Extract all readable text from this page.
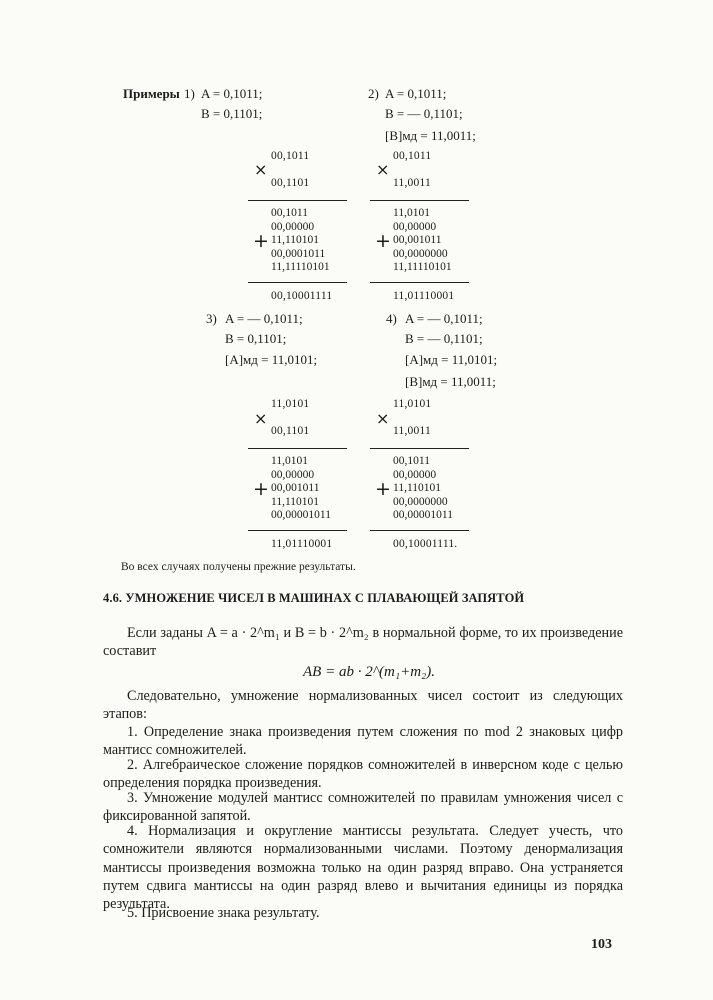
Примеры 1) A = 0,1011;
B = 0,1101;
00,1011
×
00,1101
00,1011
00,00000
11,110101
00,0001011
11,11110101
+
00,10001111
2) A = 0,1011;
B = — 0,1101;
[B]мд = 11,0011;
00,1011
×
11,0011
11,0101
00,00000
00,001011
00,0000000
11,11110101
+
11,01110001
3) A = — 0,1011;
B = 0,1101;
[A]мд = 11,0101;
11,0101
×
00,1101
11,0101
00,00000
00,001011
11,110101
00,00001011
+
11,01110001
4) A = — 0,1011;
B = — 0,1101;
[A]мд = 11,0101;
[B]мд = 11,0011;
11,0101
×
11,0011
00,1011
00,00000
11,110101
00,0000000
00,00001011
+
00,10001111.
Во всех случаях получены прежние результаты.
4.6. УМНОЖЕНИЕ ЧИСЕЛ В МАШИНАХ С ПЛАВАЮЩЕЙ ЗАПЯТОЙ
Если заданы A = a · 2^m₁ и B = b · 2^m₂ в нормальной форме, то их произведение составит
AB = ab · 2^(m₁+m₂).
Следовательно, умножение нормализованных чисел состоит из следующих этапов:
1. Определение знака произведения путем сложения по mod 2 знаковых цифр мантисс сомножителей.
2. Алгебраическое сложение порядков сомножителей в инверсном коде с целью определения порядка произведения.
3. Умножение модулей мантисс сомножителей по правилам умножения чисел с фиксированной запятой.
4. Нормализация и округление мантиссы результата. Следует учесть, что сомножители являются нормализованными числами. Поэтому денормализация мантиссы произведения возможна только на один разряд вправо. Она устраняется путем сдвига мантиссы на один разряд влево и вычитания единицы из порядка результата.
5. Присвоение знака результату.
103
